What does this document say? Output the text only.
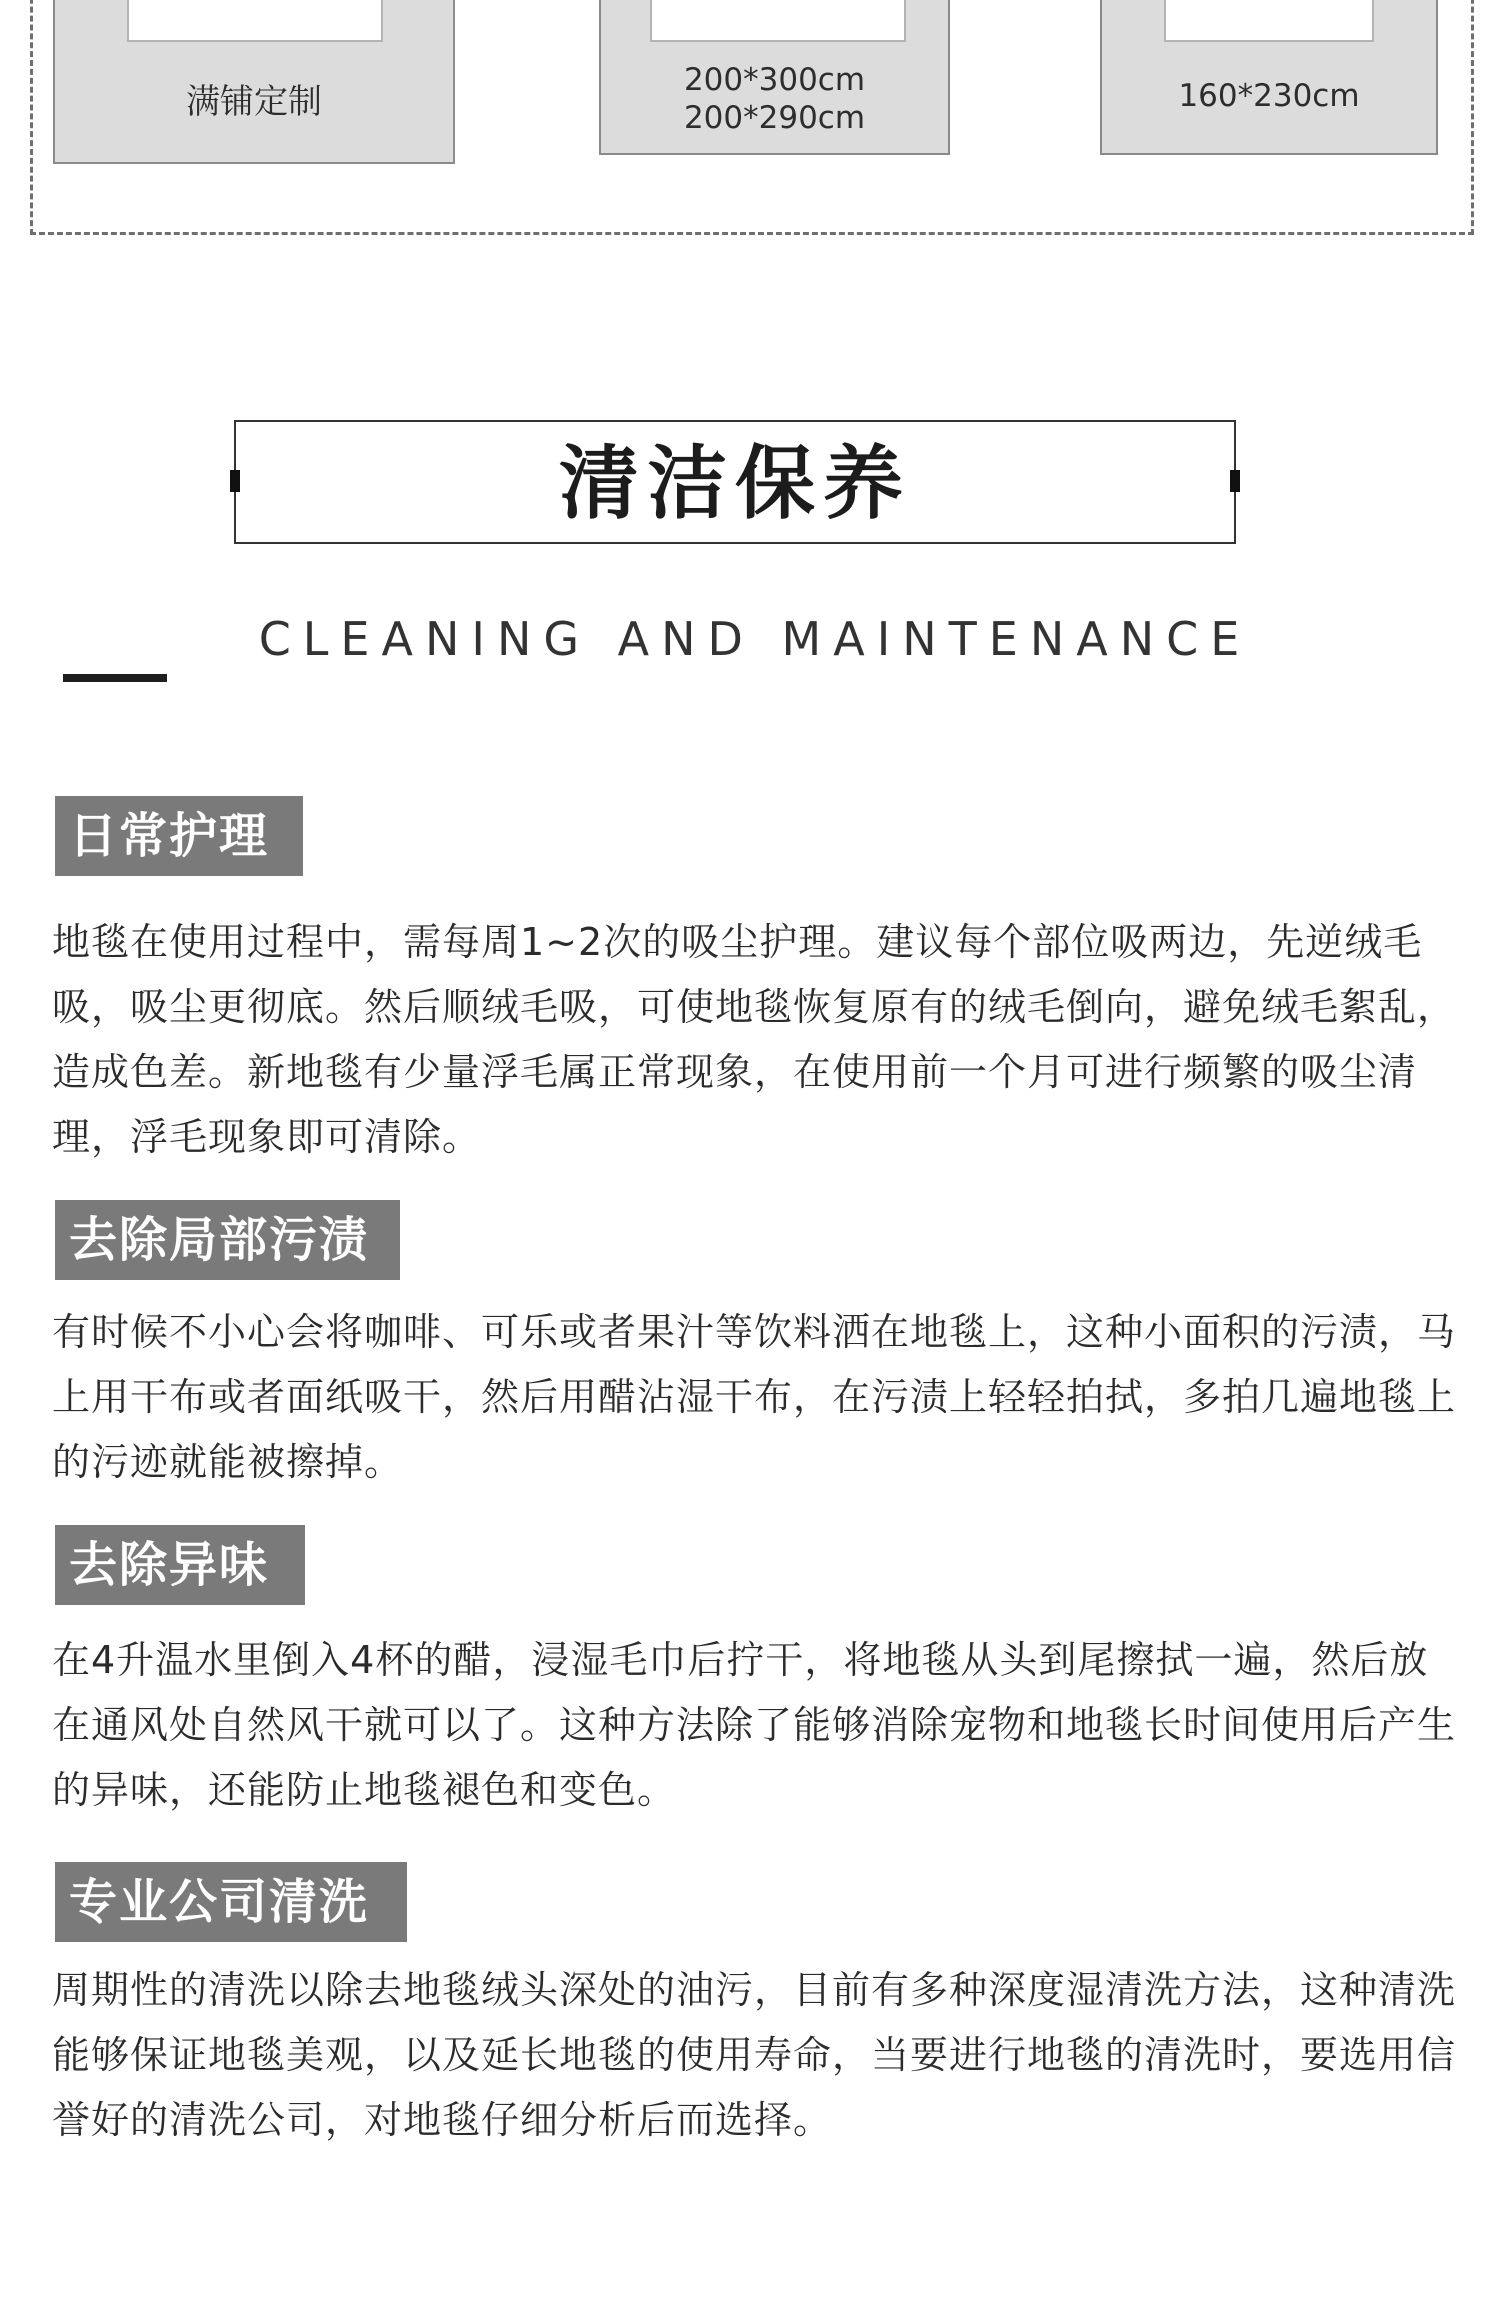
满铺定制
200*300cm
200*290cm
160*230cm
清洁保养
CLEANING AND MAINTENANCE
日常护理
地毯在使用过程中，需每周1~2次的吸尘护理。建议每个部位吸两边，先逆绒毛吸，吸尘更彻底。然后顺绒毛吸，可使地毯恢复原有的绒毛倒向，避免绒毛絮乱，造成色差。新地毯有少量浮毛属正常现象，在使用前一个月可进行频繁的吸尘清理，浮毛现象即可清除。
去除局部污渍
有时候不小心会将咖啡、可乐或者果汁等饮料洒在地毯上，这种小面积的污渍，马上用干布或者面纸吸干，然后用醋沾湿干布，在污渍上轻轻拍拭，多拍几遍地毯上的污迹就能被擦掉。
去除异味
在4升温水里倒入4杯的醋，浸湿毛巾后拧干，将地毯从头到尾擦拭一遍，然后放在通风处自然风干就可以了。这种方法除了能够消除宠物和地毯长时间使用后产生的异味，还能防止地毯褪色和变色。
专业公司清洗
周期性的清洗以除去地毯绒头深处的油污，目前有多种深度湿清洗方法，这种清洗能够保证地毯美观，以及延长地毯的使用寿命，当要进行地毯的清洗时，要选用信誉好的清洗公司，对地毯仔细分析后而选择。
